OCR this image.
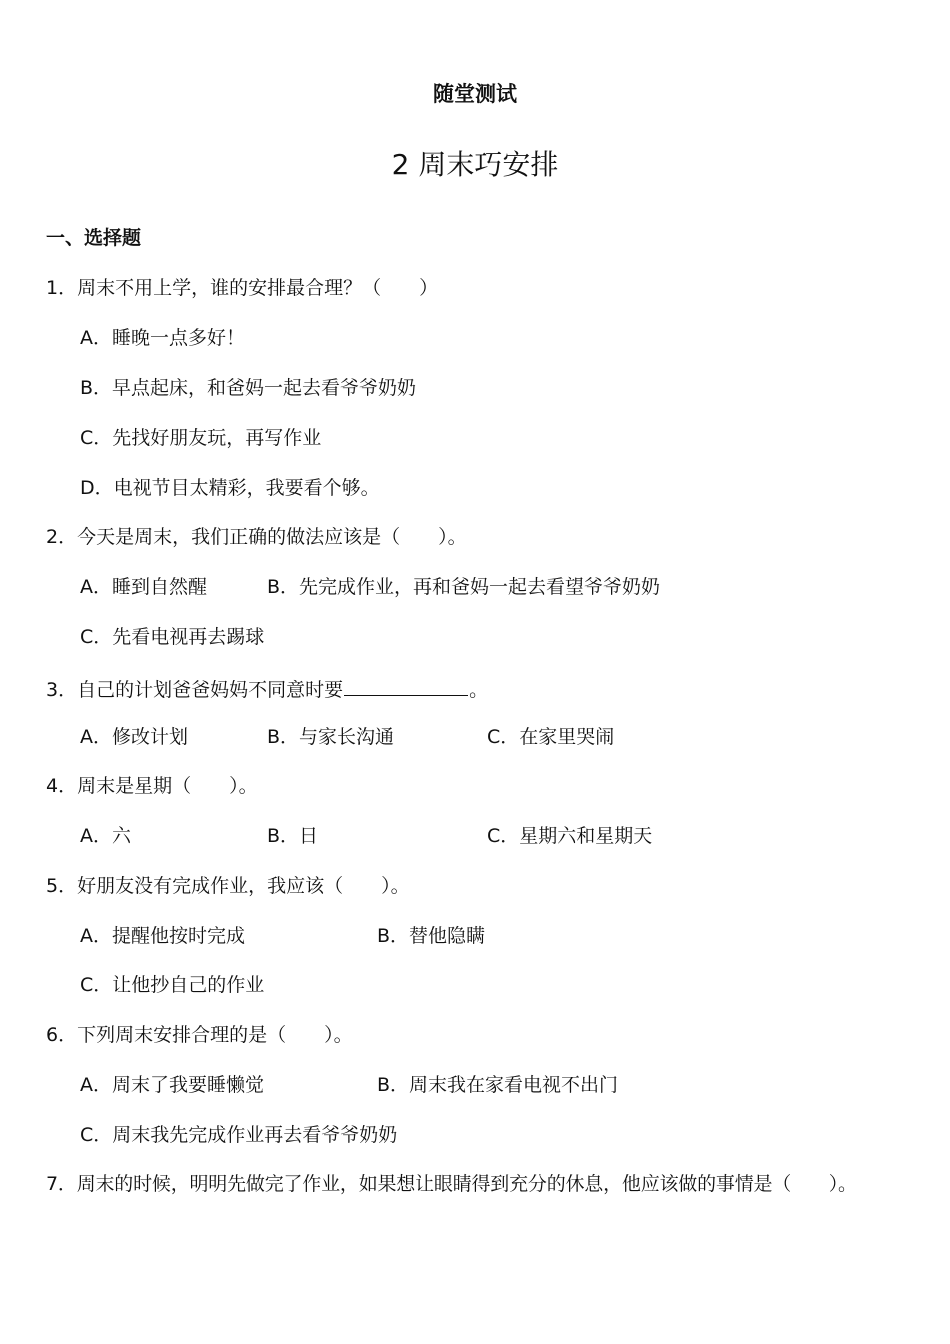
随堂测试
2 周末巧安排
一、选择题
1．周末不用上学，谁的安排最合理？（　　）
A．睡晚一点多好！
B．早点起床，和爸妈一起去看爷爷奶奶
C．先找好朋友玩，再写作业
D．电视节目太精彩，我要看个够。
2．今天是周末，我们正确的做法应该是（　　）。
A．睡到自然醒	B．先完成作业，再和爸妈一起去看望爷爷奶奶
C．先看电视再去踢球
3．自己的计划爸爸妈妈不同意时要	。
A．修改计划	B．与家长沟通	C．在家里哭闹
4．周末是星期（　　）。
A．六	B．日	C．星期六和星期天
5．好朋友没有完成作业，我应该（　　）。
A．提醒他按时完成	B．替他隐瞒
C．让他抄自己的作业
6．下列周末安排合理的是（　　）。
A．周末了我要睡懒觉	B．周末我在家看电视不出门
C．周末我先完成作业再去看爷爷奶奶
7．周末的时候，明明先做完了作业，如果想让眼睛得到充分的休息，他应该做的事情是（　　）。
